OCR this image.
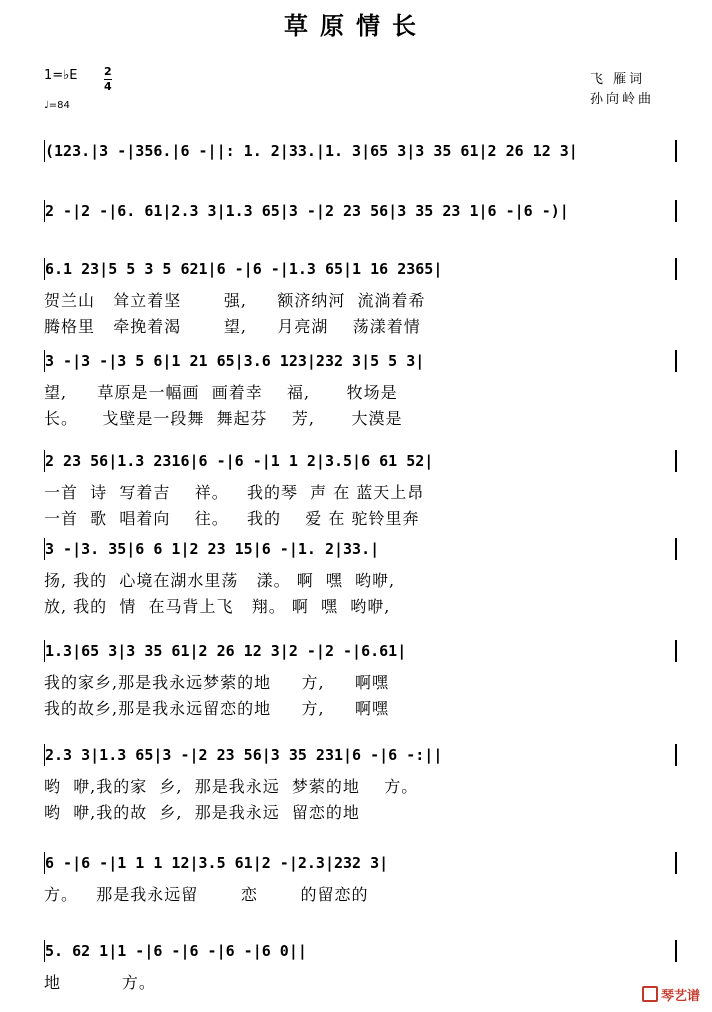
草原情长
1=♭E 2
4
♩=84
飞 雁词
孙向岭曲
(123.|3 -|356.|6 -||: 1. 2|33.|1. 3|65 3|3 35 61|2 26 12 3|
2 -|2 -|6. 61|2.3 3|1.3 65|3 -|2 23 56|3 35 23 1|6 -|6 -)|
6.1 23|5 5 3 5 621|6 -|6 -|1.3 65|1 16 2365|
贺兰山   耸立着坚       强,     额济纳河  流淌着希
腾格里   牵挽着渴       望,     月亮湖    荡漾着情
3 -|3 -|3 5 6|1 21 65|3.6 123|232 3|5 5 3|
望,     草原是一幅画  画着幸    福,      牧场是
长。    戈壁是一段舞  舞起芬    芳,      大漠是
2 23 56|1.3 2316|6 -|6 -|1 1 2|3.5|6 61 52|
一首  诗  写着吉    祥。   我的琴  声 在 蓝天上昂
一首  歌  唱着向    往。   我的    爱 在 驼铃里奔
3 -|3. 35|6 6 1|2 23 15|6 -|1. 2|33.|
扬, 我的  心境在湖水里荡   漾。 啊  嘿  哟咿,
放, 我的  情  在马背上飞   翔。 啊  嘿  哟咿,
1.3|65 3|3 35 61|2 26 12 3|2 -|2 -|6.61|
我的家乡,那是我永远梦萦的地     方,     啊嘿
我的故乡,那是我永远留恋的地     方,     啊嘿
2.3 3|1.3 65|3 -|2 23 56|3 35 231|6 -|6 -:||
哟  咿,我的家  乡,  那是我永远  梦萦的地    方。
哟  咿,我的故  乡,  那是我永远  留恋的地
6 -|6 -|1 1 1 12|3.5 61|2 -|2.3|232 3|
方。   那是我永远留       恋       的留恋的
5. 62 1|1 -|6 -|6 -|6 -|6 0||
地          方。
琴艺谱
